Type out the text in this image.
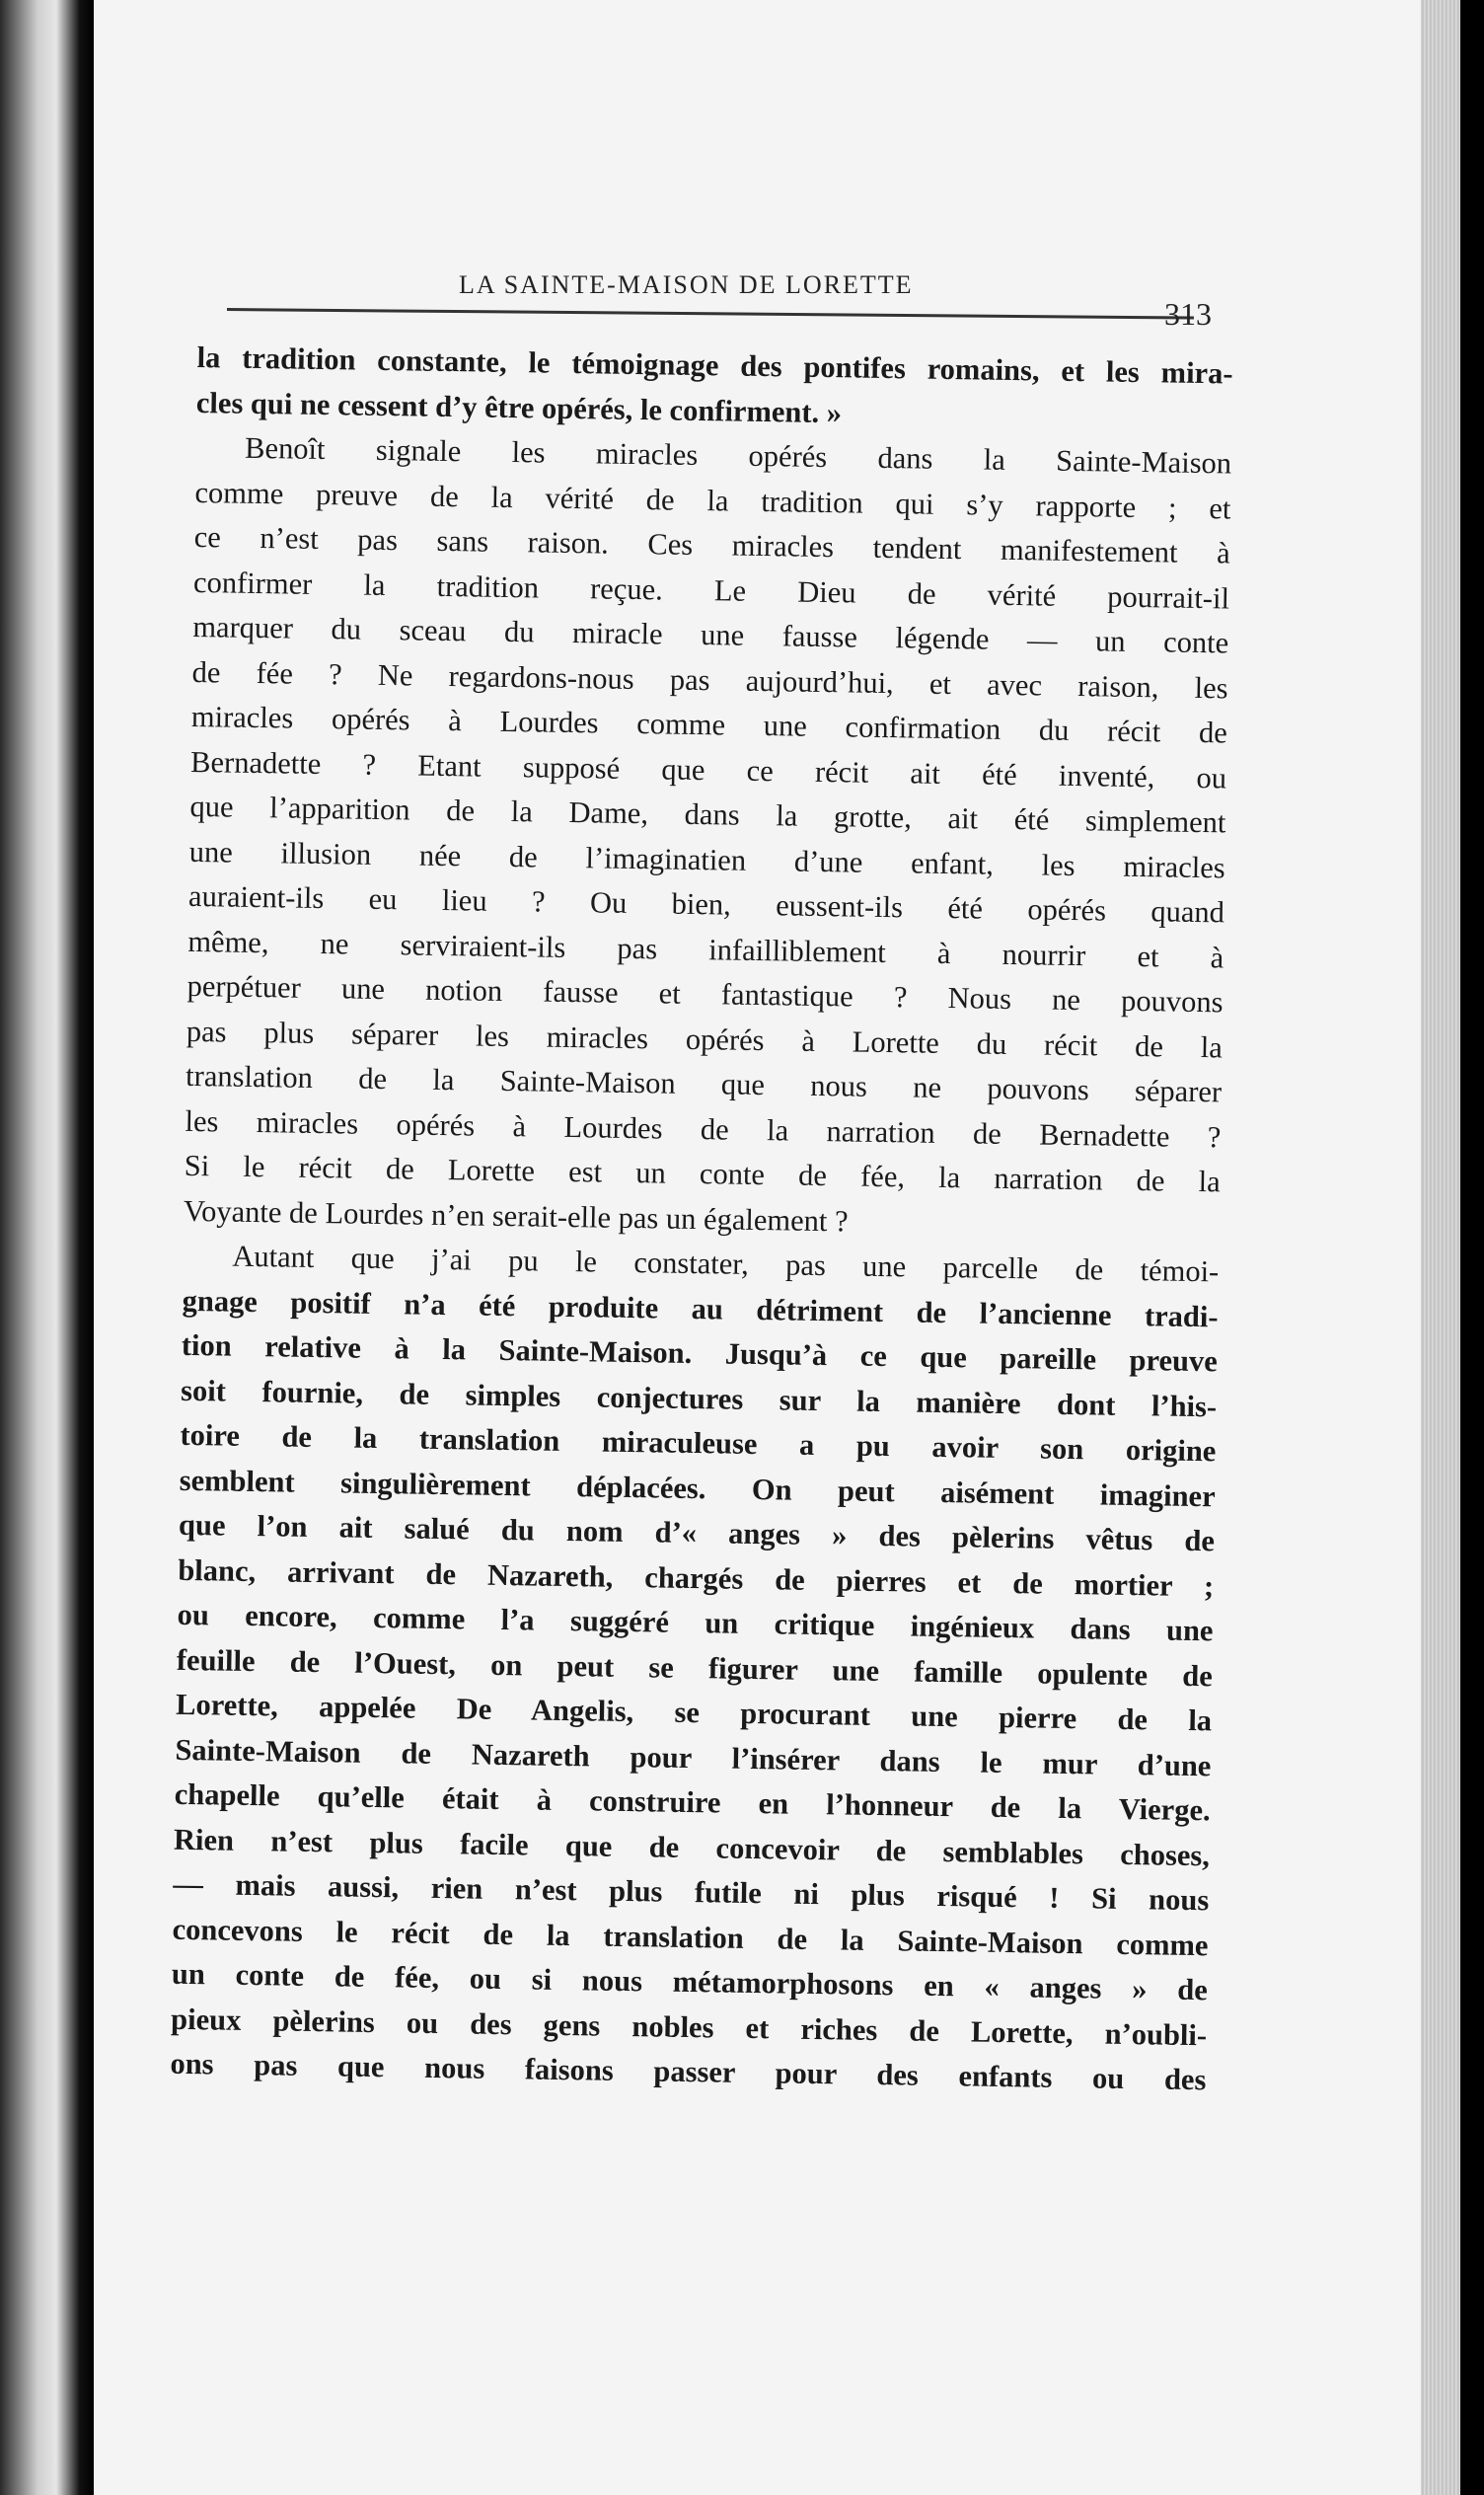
LA SAINTE-MAISON DE LORETTE
313
la tradition constante, le témoignage des pontifes romains, et les mira-
cles qui ne cessent d’y être opérés, le confirment. »
Benoît signale les miracles opérés dans la Sainte-Maison
comme preuve de la vérité de la tradition qui s’y rapporte ; et
ce n’est pas sans raison. Ces miracles tendent manifestement à
confirmer la tradition reçue. Le Dieu de vérité pourrait-il
marquer du sceau du miracle une fausse légende — un conte
de fée ? Ne regardons-nous pas aujourd’hui, et avec raison, les
miracles opérés à Lourdes comme une confirmation du récit de
Bernadette ? Etant supposé que ce récit ait été inventé, ou
que l’apparition de la Dame, dans la grotte, ait été simplement
une illusion née de l’imaginatien d’une enfant, les miracles
auraient-ils eu lieu ? Ou bien, eussent-ils été opérés quand
même, ne serviraient-ils pas infailliblement à nourrir et à
perpétuer une notion fausse et fantastique ? Nous ne pouvons
pas plus séparer les miracles opérés à Lorette du récit de la
translation de la Sainte-Maison que nous ne pouvons séparer
les miracles opérés à Lourdes de la narration de Bernadette ?
Si le récit de Lorette est un conte de fée, la narration de la
Voyante de Lourdes n’en serait-elle pas un également ?
Autant que j’ai pu le constater, pas une parcelle de témoi-
gnage positif n’a été produite au détriment de l’ancienne tradi-
tion relative à la Sainte-Maison. Jusqu’à ce que pareille preuve
soit fournie, de simples conjectures sur la manière dont l’his-
toire de la translation miraculeuse a pu avoir son origine
semblent singulièrement déplacées. On peut aisément imaginer
que l’on ait salué du nom d’« anges » des pèlerins vêtus de
blanc, arrivant de Nazareth, chargés de pierres et de mortier ;
ou encore, comme l’a suggéré un critique ingénieux dans une
feuille de l’Ouest, on peut se figurer une famille opulente de
Lorette, appelée De Angelis, se procurant une pierre de la
Sainte-Maison de Nazareth pour l’insérer dans le mur d’une
chapelle qu’elle était à construire en l’honneur de la Vierge.
Rien n’est plus facile que de concevoir de semblables choses,
— mais aussi, rien n’est plus futile ni plus risqué ! Si nous
concevons le récit de la translation de la Sainte-Maison comme
un conte de fée, ou si nous métamorphosons en « anges » de
pieux pèlerins ou des gens nobles et riches de Lorette, n’oubli-
ons pas que nous faisons passer pour des enfants ou des
